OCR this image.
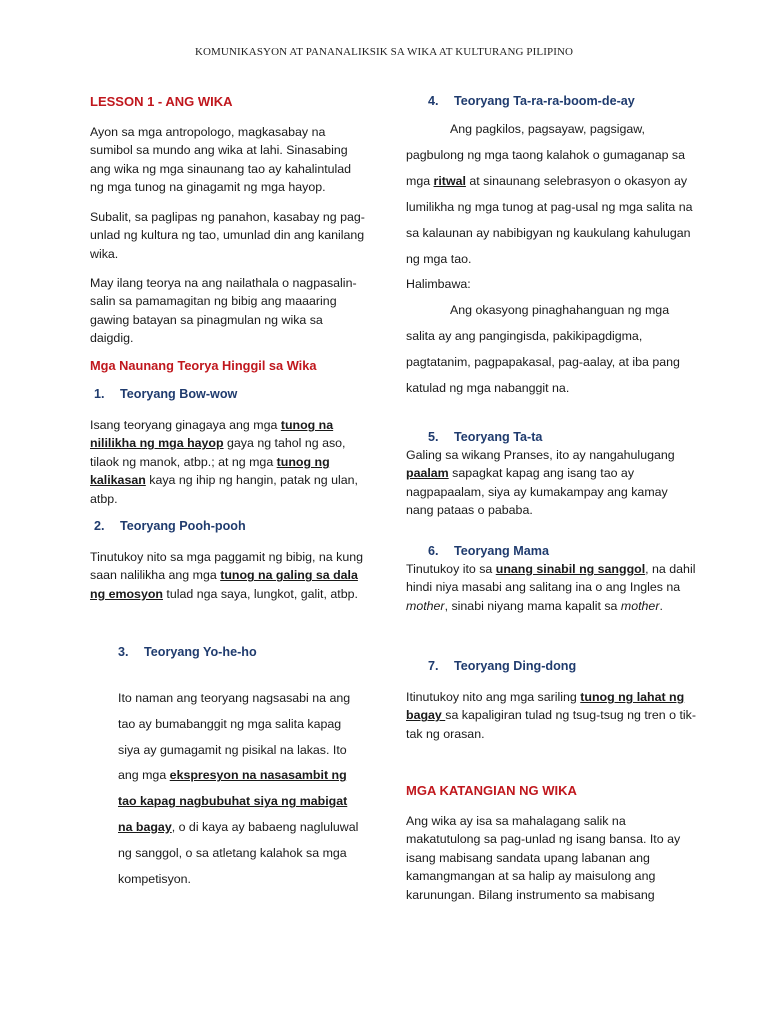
KOMUNIKASYON AT PANANALIKSIK SA WIKA AT KULTURANG PILIPINO
LESSON 1 - ANG WIKA
Ayon sa mga antropologo, magkasabay na sumibol sa mundo ang wika at lahi. Sinasabing ang wika ng mga sinaunang tao ay kahalintulad ng mga tunog na ginagamit ng mga hayop.
Subalit, sa paglipas ng panahon, kasabay ng pag- unlad ng kultura ng tao, umunlad din ang kanilang wika.
May ilang teorya na ang nailathala o nagpasalin-salin sa pamamagitan ng bibig ang maaaring gawing batayan sa pinagmulan ng wika sa daigdig.
Mga Naunang Teorya Hinggil sa Wika
1. Teoryang Bow-wow
Isang teoryang ginagaya ang mga tunog na nililikha ng mga hayop gaya ng tahol ng aso, tilaok ng manok, atbp.; at ng mga tunog ng kalikasan kaya ng ihip ng hangin, patak ng ulan, atbp.
2. Teoryang Pooh-pooh
Tinutukoy nito sa mga paggamit ng bibig, na kung saan nalilikha ang mga tunog na galing sa dala ng emosyon tulad nga saya, lungkot, galit, atbp.
3. Teoryang Yo-he-ho
Ito naman ang teoryang nagsasabi na ang tao ay bumabanggit ng mga salita kapag siya ay gumagamit ng pisikal na lakas. Ito ang mga ekspresyon na nasasambit ng tao kapag nagbubuhat siya ng mabigat na bagay, o di kaya ay babaeng nagluluwal ng sanggol, o sa atletang kalahok sa mga kompetisyon.
4. Teoryang Ta-ra-ra-boom-de-ay
Ang pagkilos, pagsayaw, pagsigaw, pagbulong ng mga taong kalahok o gumaganap sa mga ritwal at sinaunang selebrasyon o okasyon ay lumilikha ng mga tunog at pag-usal ng mga salita na sa kalaunan ay nabibigyan ng kaukulang kahulugan ng mga tao.
Halimbawa:
Ang okasyong pinaghahanguan ng mga salita ay ang pangingisda, pakikipagdigma, pagtatanim, pagpapakasal, pag-aalay, at iba pang katulad ng mga nabanggit na.
5. Teoryang Ta-ta
Galing sa wikang Pranses, ito ay nangahulugang paalam sapagkat kapag ang isang tao ay nagpapaalam, siya ay kumakampay ang kamay nang pataas o pababa.
6. Teoryang Mama
Tinutukoy ito sa unang sinabil ng sanggol, na dahil hindi niya masabi ang salitang ina o ang Ingles na mother, sinabi niyang mama kapalit sa mother.
7. Teoryang Ding-dong
Itinutukoy nito ang mga sariling tunog ng lahat ng bagay sa kapaligiran tulad ng tsug-tsug ng tren o tik-tak ng orasan.
MGA KATANGIAN NG WIKA
Ang wika ay isa sa mahalagang salik na makatutulong sa pag-unlad ng isang bansa. Ito ay isang mabisang sandata upang labanan ang kamangmangan at sa halip ay maisulong ang karunungan. Bilang instrumento sa mabisang
